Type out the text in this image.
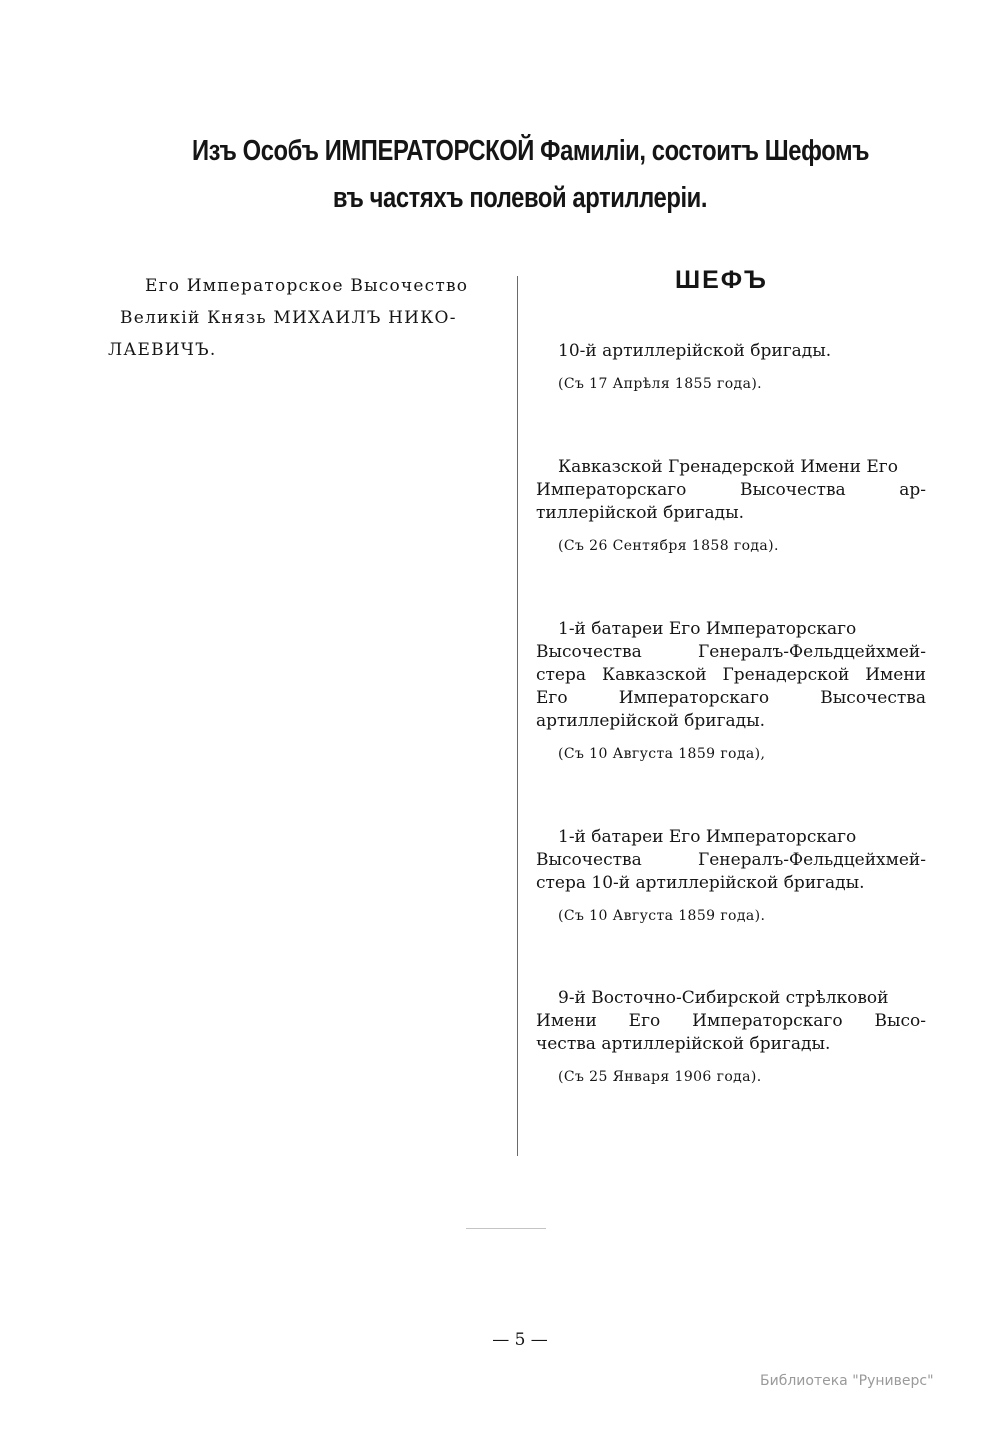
Изъ Особъ ИМПЕРАТОРСКОЙ Фамилiи, состоитъ Шефомъ
въ частяхъ полевой артиллерiи.
Его Императорское Высочество
Великiй Князь МИХАИЛЪ НИКО-
ЛАЕВИЧЪ.
ШЕФЪ
10-й артиллерiйской бригады.
(Съ 17 Апрѣля 1855 года).
Кавказской Гренадерской Имени Его
Императорскаго Высочества ар-
тиллерiйской бригады.
(Съ 26 Сентября 1858 года).
1-й батареи Его Императорскаго
Высочества Генералъ-Фельдцейхмей-
стера Кавказской Гренадерской Имени
Его Императорскаго Высочества
артиллерiйской бригады.
(Съ 10 Августа 1859 года),
1-й батареи Его Императорскаго
Высочества Генералъ-Фельдцейхмей-
стера 10-й артиллерiйской бригады.
(Съ 10 Августа 1859 года).
9-й Восточно-Сибирской стрѣлковой
Имени Его Императорскаго Высо-
чества артиллерiйской бригады.
(Съ 25 Января 1906 года).
— 5 —
Библиотека "Руниверс"
